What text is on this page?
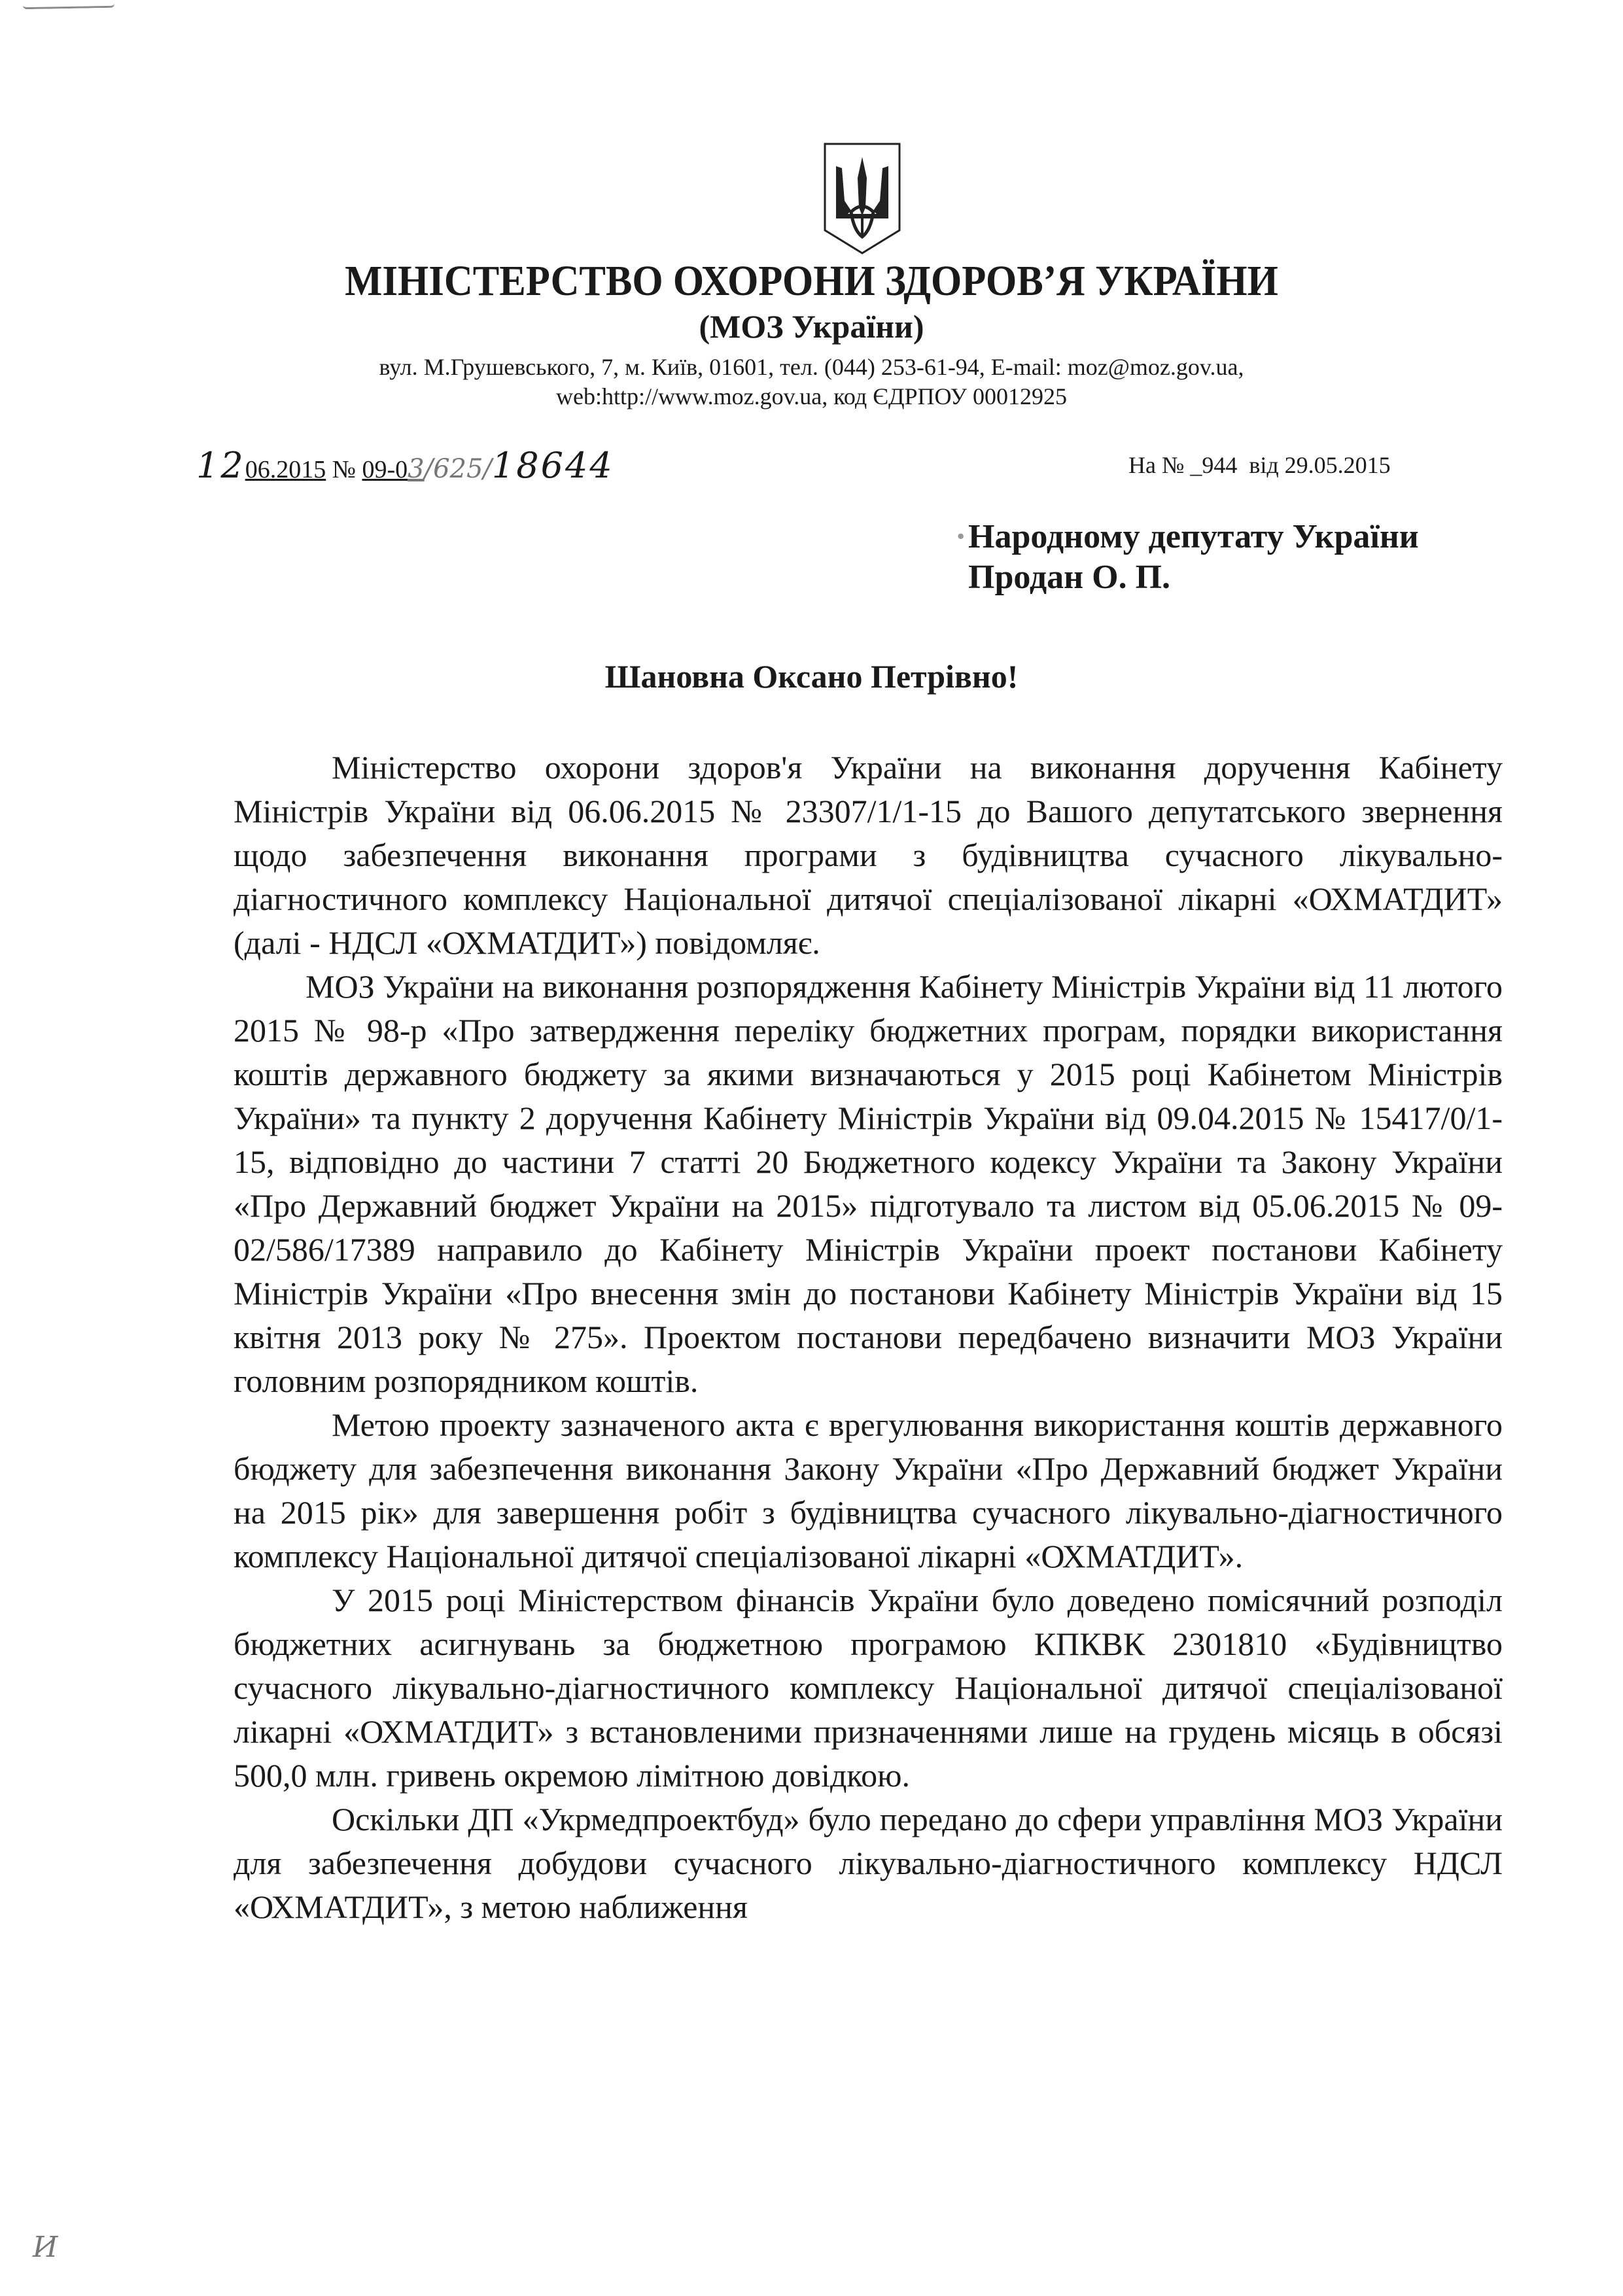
МІНІСТЕРСТВО ОХОРОНИ ЗДОРОВ’Я УКРАЇНИ
(МОЗ України)
вул. М.Грушевського, 7, м. Київ, 01601, тел. (044) 253-61-94, E-mail: moz@moz.gov.ua,
web:http://www.moz.gov.ua, код ЄДРПОУ 00012925
1206.2015 № 09-03/625/18644	На № _944 від 29.05.2015
· Народному депутату України
Продан О. П.
Шановна Оксано Петрівно!

Міністерство охорони здоров'я України на виконання доручення Кабінету Міністрів України від 06.06.2015 № 23307/1/1-15 до Вашого депутатського звернення щодо забезпечення виконання програми з будівництва сучасного лікувально-діагностичного комплексу Національної дитячої спеціалізованої лікарні «ОХМАТДИТ» (далі - НДСЛ «ОХМАТДИТ») повідомляє.

МОЗ України на виконання розпорядження Кабінету Міністрів України від 11 лютого 2015 № 98-р «Про затвердження переліку бюджетних програм, порядки використання коштів державного бюджету за якими визначаються у 2015 році Кабінетом Міністрів України» та пункту 2 доручення Кабінету Міністрів України від 09.04.2015 № 15417/0/1-15, відповідно до частини 7 статті 20 Бюджетного кодексу України та Закону України «Про Державний бюджет України на 2015» підготувало та листом від 05.06.2015 № 09-02/586/17389 направило до Кабінету Міністрів України проект постанови Кабінету Міністрів України «Про внесення змін до постанови Кабінету Міністрів України від 15 квітня 2013 року № 275». Проектом постанови передбачено визначити МОЗ України головним розпорядником коштів.

Метою проекту зазначеного акта є врегулювання використання коштів державного бюджету для забезпечення виконання Закону України «Про Державний бюджет України на 2015 рік» для завершення робіт з будівництва сучасного лікувально-діагностичного комплексу Національної дитячої спеціалізованої лікарні «ОХМАТДИТ».

У 2015 році Міністерством фінансів України було доведено помісячний розподіл бюджетних асигнувань за бюджетною програмою КПКВК 2301810 «Будівництво сучасного лікувально-діагностичного комплексу Національної дитячої спеціалізованої лікарні «ОХМАТДИТ» з встановленими призначеннями лише на грудень місяць в обсязі 500,0 млн. гривень окремою лімітною довідкою.

Оскільки ДП «Укрмедпроектбуд» було передано до сфери управління МОЗ України для забезпечення добудови сучасного лікувально-діагностичного комплексу НДСЛ «ОХМАТДИТ», з метою наближення

И
